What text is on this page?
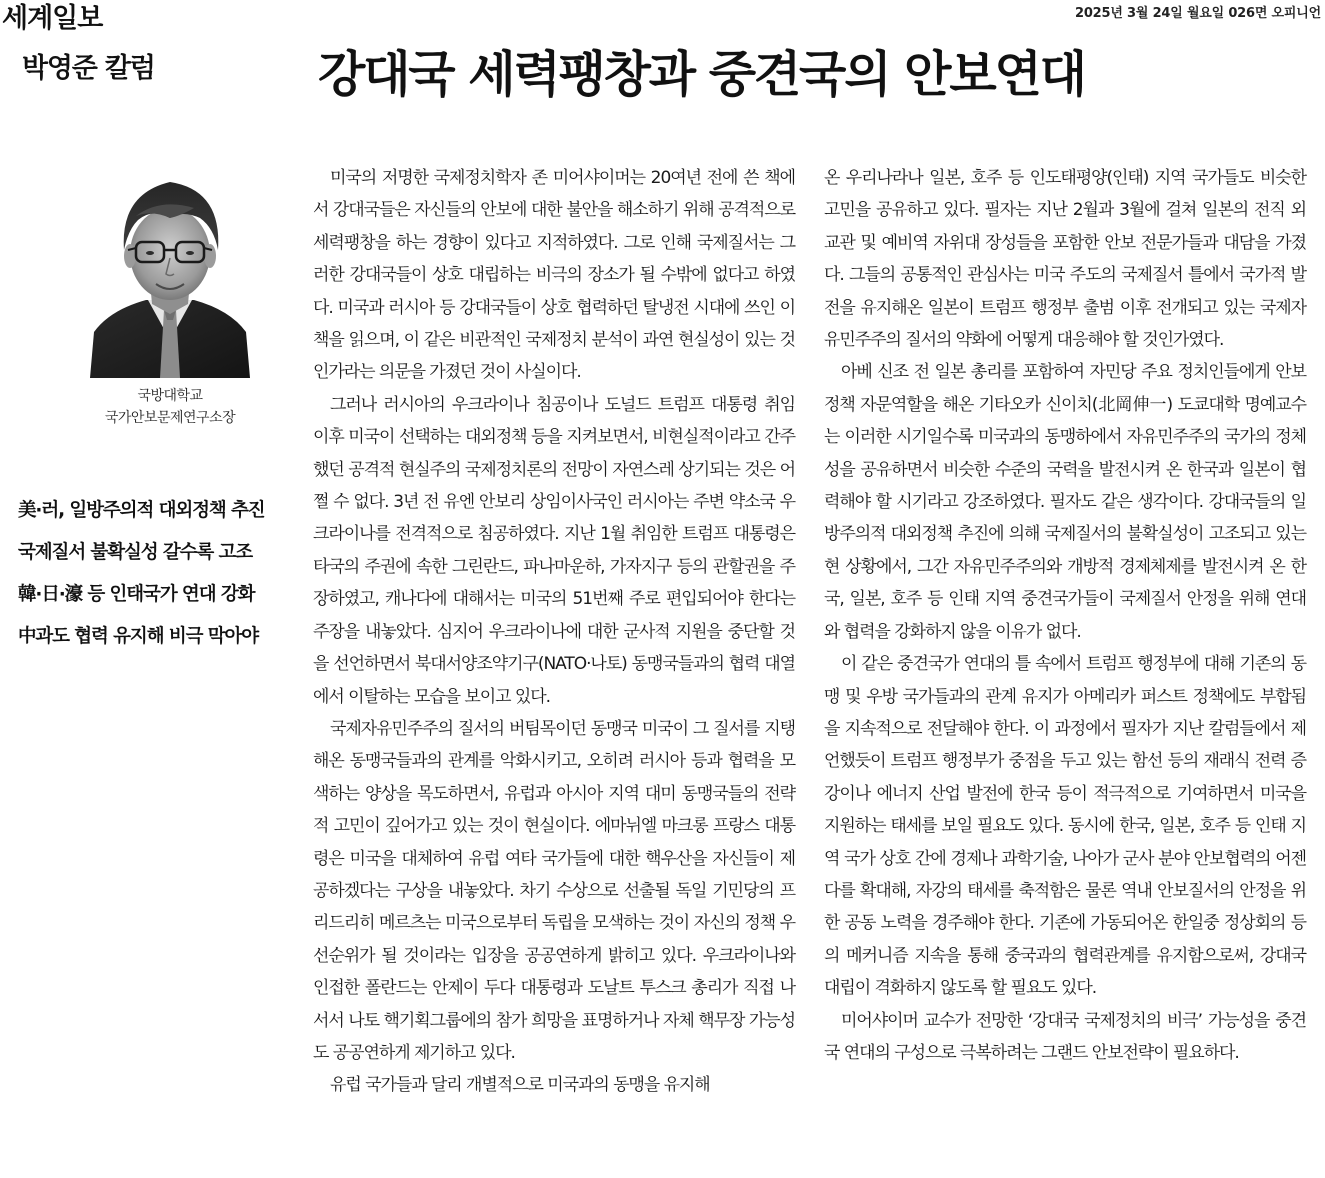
세계일보	2025년 3월 24일 월요일 026면 오피니언
박영준 칼럼	강대국 세력팽창과 중견국의 안보연대
국방대학교
국가안보문제연구소장
美·러, 일방주의적 대외정책 추진
국제질서 불확실성 갈수록 고조
韓·日·濠 등 인태국가 연대 강화
中과도 협력 유지해 비극 막아야

미국의 저명한 국제정치학자 존 미어샤이머는 20여년 전에 쓴 책에서 강대국들은 자신들의 안보에 대한 불안을 해소하기 위해 공격적으로 세력팽창을 하는 경향이 있다고 지적하였다. 그로 인해 국제질서는 그러한 강대국들이 상호 대립하는 비극의 장소가 될 수밖에 없다고 하였다. 미국과 러시아 등 강대국들이 상호 협력하던 탈냉전 시대에 쓰인 이 책을 읽으며, 이 같은 비관적인 국제정치 분석이 과연 현실성이 있는 것인가라는 의문을 가졌던 것이 사실이다.

그러나 러시아의 우크라이나 침공이나 도널드 트럼프 대통령 취임 이후 미국이 선택하는 대외정책 등을 지켜보면서, 비현실적이라고 간주했던 공격적 현실주의 국제정치론의 전망이 자연스레 상기되는 것은 어쩔 수 없다. 3년 전 유엔 안보리 상임이사국인 러시아는 주변 약소국 우크라이나를 전격적으로 침공하였다. 지난 1월 취임한 트럼프 대통령은 타국의 주권에 속한 그린란드, 파나마운하, 가자지구 등의 관할권을 주장하였고, 캐나다에 대해서는 미국의 51번째 주로 편입되어야 한다는 주장을 내놓았다. 심지어 우크라이나에 대한 군사적 지원을 중단할 것을 선언하면서 북대서양조약기구(NATO·나토) 동맹국들과의 협력 대열에서 이탈하는 모습을 보이고 있다.

국제자유민주주의 질서의 버팀목이던 동맹국 미국이 그 질서를 지탱해온 동맹국들과의 관계를 악화시키고, 오히려 러시아 등과 협력을 모색하는 양상을 목도하면서, 유럽과 아시아 지역 대미 동맹국들의 전략적 고민이 깊어가고 있는 것이 현실이다. 에마뉘엘 마크롱 프랑스 대통령은 미국을 대체하여 유럽 여타 국가들에 대한 핵우산을 자신들이 제공하겠다는 구상을 내놓았다. 차기 수상으로 선출될 독일 기민당의 프리드리히 메르츠는 미국으로부터 독립을 모색하는 것이 자신의 정책 우선순위가 될 것이라는 입장을 공공연하게 밝히고 있다. 우크라이나와 인접한 폴란드는 안제이 두다 대통령과 도날트 투스크 총리가 직접 나서서 나토 핵기획그룹에의 참가 희망을 표명하거나 자체 핵무장 가능성도 공공연하게 제기하고 있다.

유럽 국가들과 달리 개별적으로 미국과의 동맹을 유지해

온 우리나라나 일본, 호주 등 인도태평양(인태) 지역 국가들도 비슷한 고민을 공유하고 있다. 필자는 지난 2월과 3월에 걸쳐 일본의 전직 외교관 및 예비역 자위대 장성들을 포함한 안보 전문가들과 대담을 가졌다. 그들의 공통적인 관심사는 미국 주도의 국제질서 틀에서 국가적 발전을 유지해온 일본이 트럼프 행정부 출범 이후 전개되고 있는 국제자유민주주의 질서의 약화에 어떻게 대응해야 할 것인가였다.

아베 신조 전 일본 총리를 포함하여 자민당 주요 정치인들에게 안보정책 자문역할을 해온 기타오카 신이치(北岡伸一) 도쿄대학 명예교수는 이러한 시기일수록 미국과의 동맹하에서 자유민주주의 국가의 정체성을 공유하면서 비슷한 수준의 국력을 발전시켜 온 한국과 일본이 협력해야 할 시기라고 강조하였다. 필자도 같은 생각이다. 강대국들의 일방주의적 대외정책 추진에 의해 국제질서의 불확실성이 고조되고 있는 현 상황에서, 그간 자유민주주의와 개방적 경제체제를 발전시켜 온 한국, 일본, 호주 등 인태 지역 중견국가들이 국제질서 안정을 위해 연대와 협력을 강화하지 않을 이유가 없다.

이 같은 중견국가 연대의 틀 속에서 트럼프 행정부에 대해 기존의 동맹 및 우방 국가들과의 관계 유지가 아메리카 퍼스트 정책에도 부합됨을 지속적으로 전달해야 한다. 이 과정에서 필자가 지난 칼럼들에서 제언했듯이 트럼프 행정부가 중점을 두고 있는 함선 등의 재래식 전력 증강이나 에너지 산업 발전에 한국 등이 적극적으로 기여하면서 미국을 지원하는 태세를 보일 필요도 있다. 동시에 한국, 일본, 호주 등 인태 지역 국가 상호 간에 경제나 과학기술, 나아가 군사 분야 안보협력의 어젠다를 확대해, 자강의 태세를 축적함은 물론 역내 안보질서의 안정을 위한 공동 노력을 경주해야 한다. 기존에 가동되어온 한일중 정상회의 등의 메커니즘 지속을 통해 중국과의 협력관계를 유지함으로써, 강대국 대립이 격화하지 않도록 할 필요도 있다.

미어샤이머 교수가 전망한 ‘강대국 국제정치의 비극’ 가능성을 중견국 연대의 구성으로 극복하려는 그랜드 안보전략이 필요하다.
